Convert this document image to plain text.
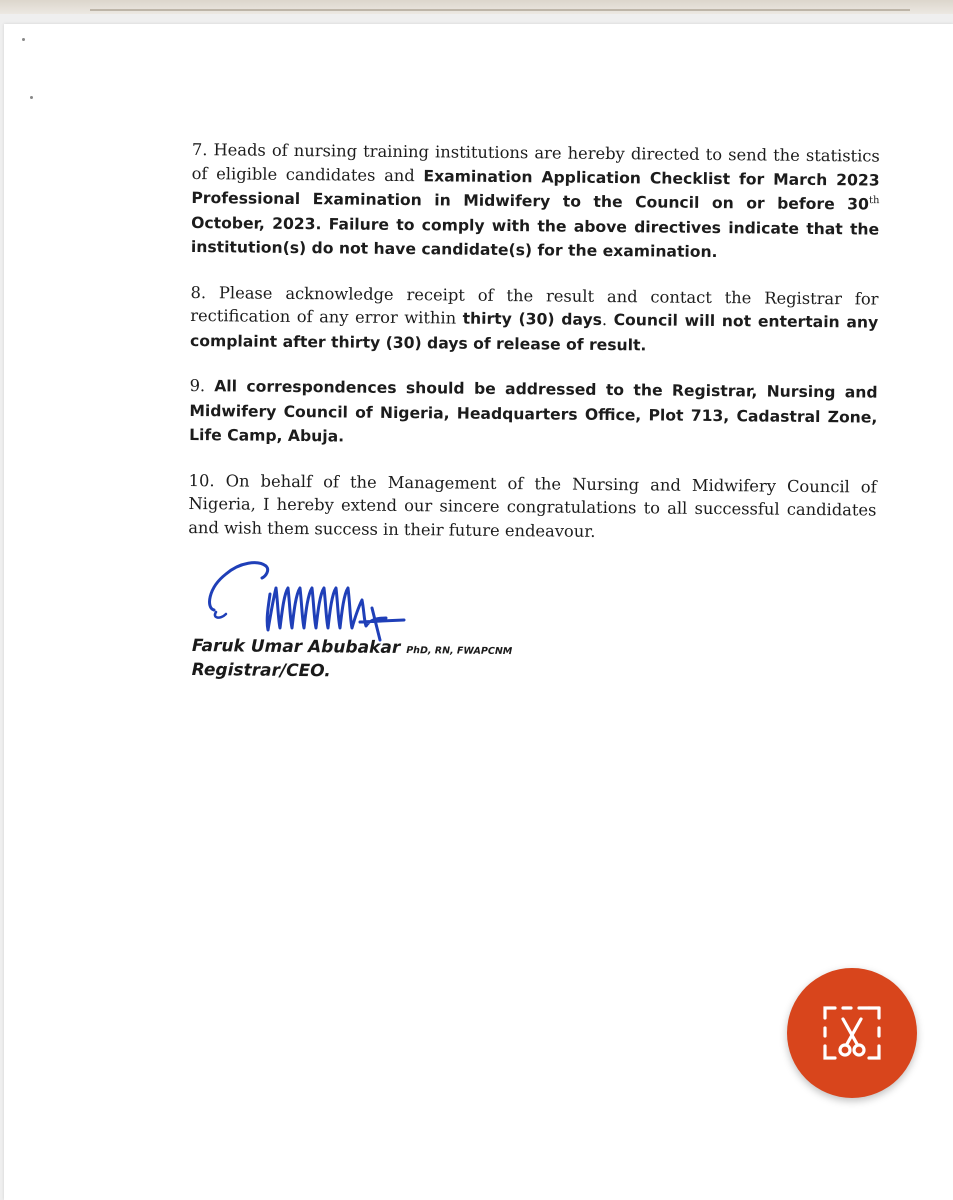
7. Heads of nursing training institutions are hereby directed to send the statistics of eligible candidates and Examination Application Checklist for March 2023 Professional Examination in Midwifery to the Council on or before 30th October, 2023. Failure to comply with the above directives indicate that the institution(s) do not have candidate(s) for the examination.
8. Please acknowledge receipt of the result and contact the Registrar for rectification of any error within thirty (30) days. Council will not entertain any complaint after thirty (30) days of release of result.
9. All correspondences should be addressed to the Registrar, Nursing and Midwifery Council of Nigeria, Headquarters Office, Plot 713, Cadastral Zone, Life Camp, Abuja.
10. On behalf of the Management of the Nursing and Midwifery Council of Nigeria, I hereby extend our sincere congratulations to all successful candidates and wish them success in their future endeavour.
Faruk Umar Abubakar PhD, RN, FWAPCNM
Registrar/CEO.
